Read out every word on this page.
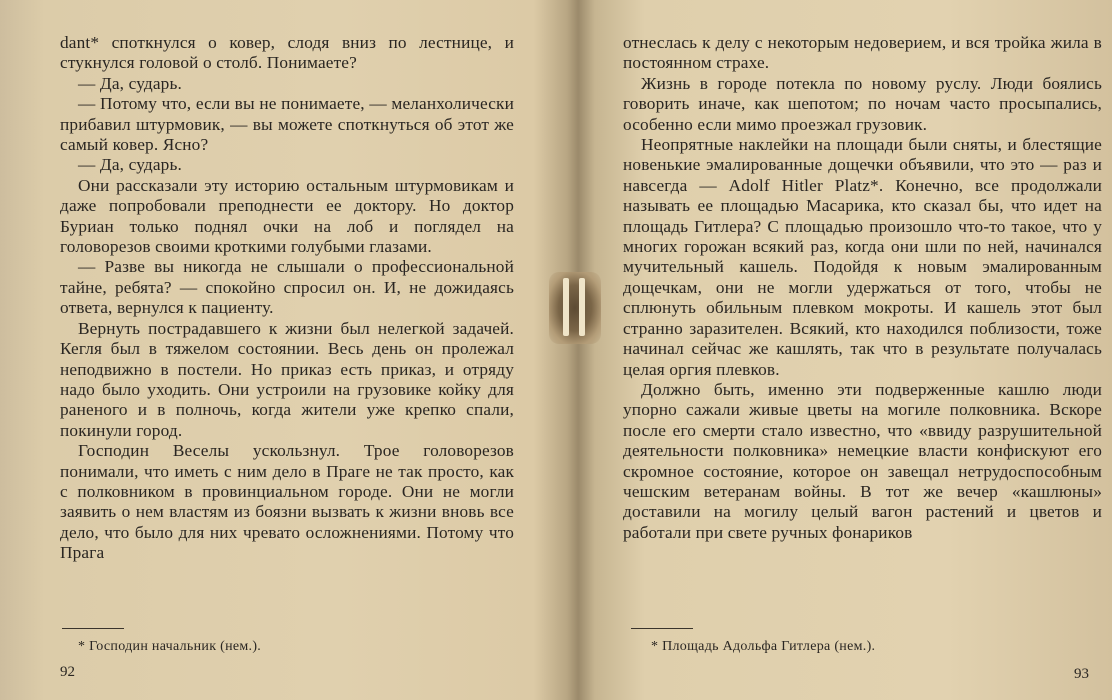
dant* споткнулся о ковер, слодя вниз по лестнице, и стукнулся головой о столб. Понимаете?

— Да, сударь.

— Потому что, если вы не понимаете, — меланхолически прибавил штурмовик, — вы можете споткнуться об этот же самый ковер. Ясно?

— Да, сударь.

Они рассказали эту историю остальным штурмовикам и даже попробовали преподнести ее доктору. Но доктор Буриан только поднял очки на лоб и поглядел на головорезов своими кроткими голубыми глазами.

— Разве вы никогда не слышали о профессиональной тайне, ребята? — спокойно спросил он. И, не дожидаясь ответа, вернулся к пациенту.

Вернуть пострадавшего к жизни был нелегкой задачей. Кегля был в тяжелом состоянии. Весь день он пролежал неподвижно в постели. Но приказ есть приказ, и отряду надо было уходить. Они устроили на грузовике койку для раненого и в полночь, когда жители уже крепко спали, покинули город.

Господин Веселы ускользнул. Трое головорезов понимали, что иметь с ним дело в Праге не так просто, как с полковником в провинциальном городе. Они не могли заявить о нем властям из боязни вызвать к жизни вновь все дело, что было для них чревато осложнениями. Потому что Прага

* Господин начальник (нем.).
92

отнеслась к делу с некоторым недоверием, и вся тройка жила в постоянном страхе.

Жизнь в городе потекла по новому руслу. Люди боялись говорить иначе, как шепотом; по ночам часто просыпались, особенно если мимо проезжал грузовик.

Неопрятные наклейки на площади были сняты, и блестящие новенькие эмалированные дощечки объявили, что это — раз и навсегда — Adolf Hitler Platz*. Конечно, все продолжали называть ее площадью Масарика, кто сказал бы, что идет на площадь Гитлера? С площадью произошло что-то такое, что у многих горожан всякий раз, когда они шли по ней, начинался мучительный кашель. Подойдя к новым эмалированным дощечкам, они не могли удержаться от того, чтобы не сплюнуть обильным плевком мокроты. И кашель этот был странно заразителен. Всякий, кто находился поблизости, тоже начинал сейчас же кашлять, так что в результате получалась целая оргия плевков.

Должно быть, именно эти подверженные кашлю люди упорно сажали живые цветы на могиле полковника. Вскоре после его смерти стало известно, что «ввиду разрушительной деятельности полковника» немецкие власти конфискуют его скромное состояние, которое он завещал нетрудоспособным чешским ветеранам войны. В тот же вечер «кашлюны» доставили на могилу целый вагон растений и цветов и работали при свете ручных фонариков

* Площадь Адольфа Гитлера (нем.).
93
